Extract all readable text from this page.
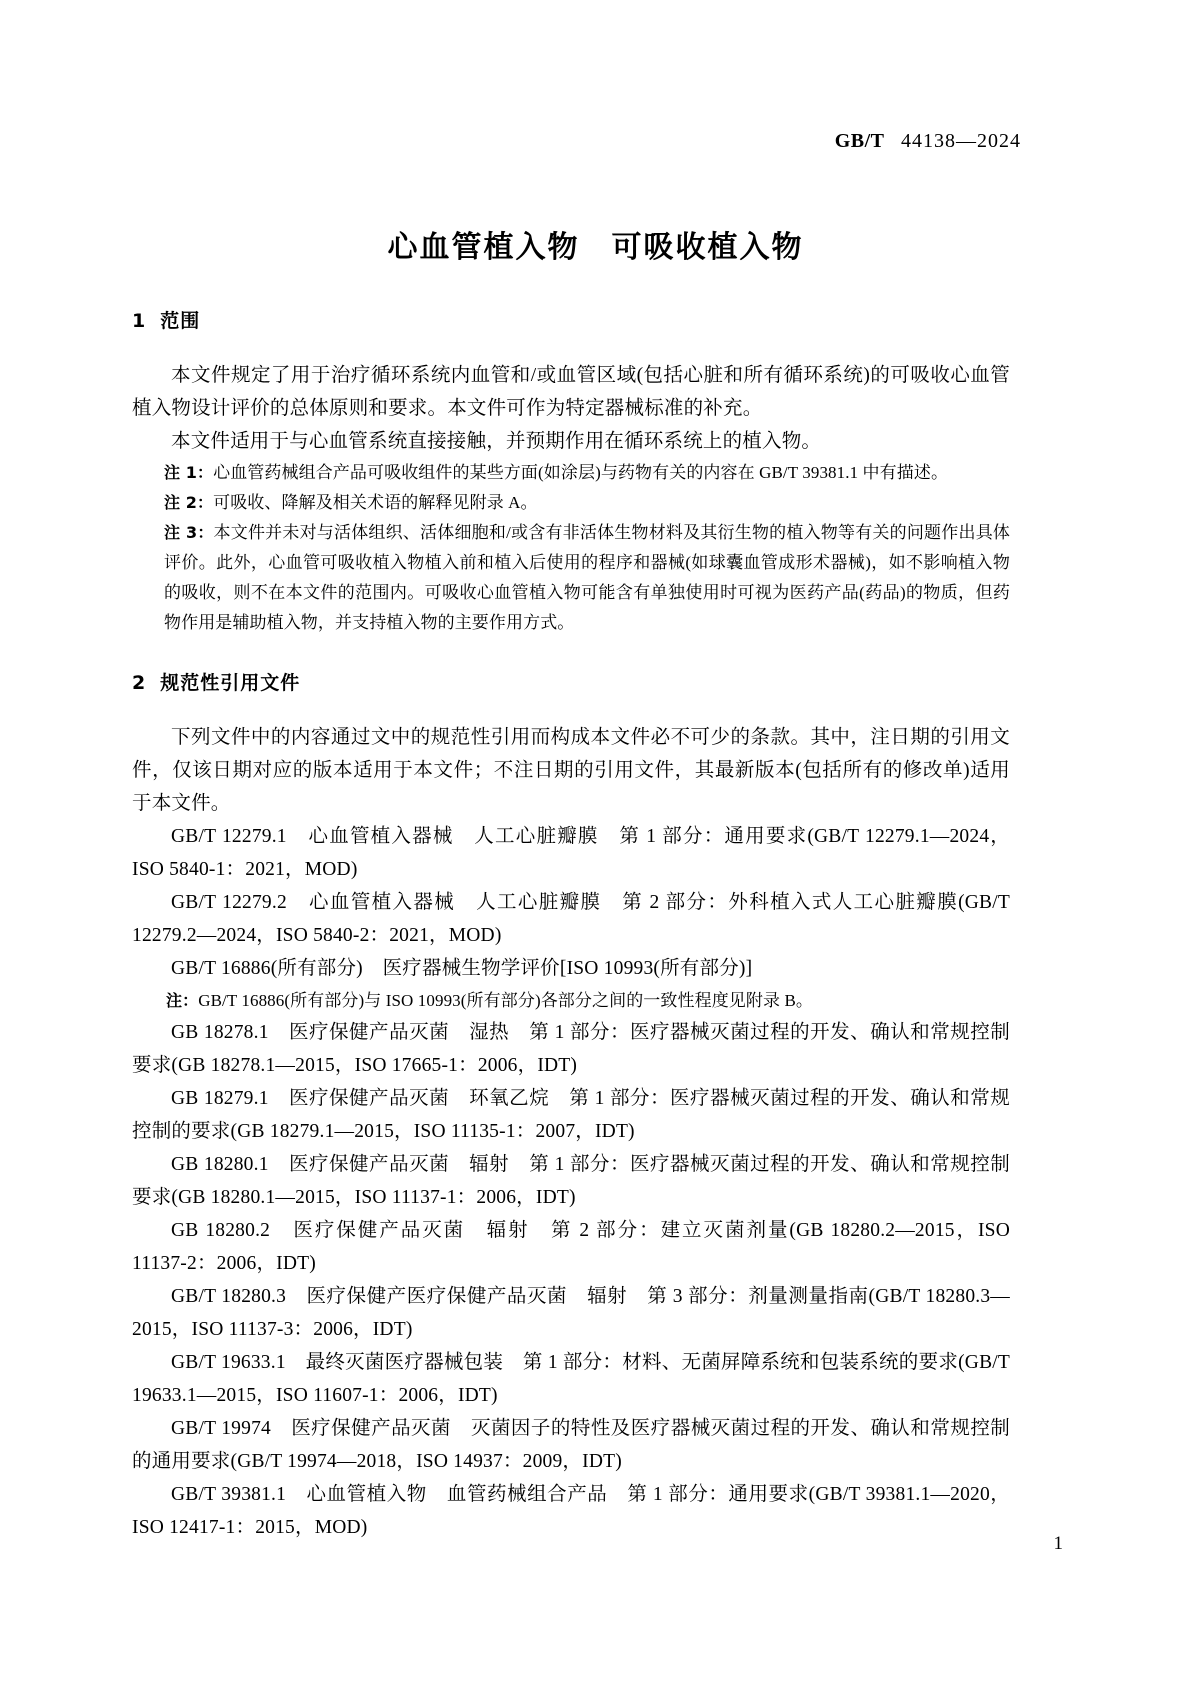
GB/T 44138—2024
心血管植入物　可吸收植入物
1 范围

本文件规定了用于治疗循环系统内血管和/或血管区域(包括心脏和所有循环系统)的可吸收心血管植入物设计评价的总体原则和要求。本文件可作为特定器械标准的补充。

本文件适用于与心血管系统直接接触，并预期作用在循环系统上的植入物。

注 1：心血管药械组合产品可吸收组件的某些方面(如涂层)与药物有关的内容在 GB/T 39381.1 中有描述。

注 2：可吸收、降解及相关术语的解释见附录 A。

注 3：本文件并未对与活体组织、活体细胞和/或含有非活体生物材料及其衍生物的植入物等有关的问题作出具体评价。此外，心血管可吸收植入物植入前和植入后使用的程序和器械(如球囊血管成形术器械)，如不影响植入物的吸收，则不在本文件的范围内。可吸收心血管植入物可能含有单独使用时可视为医药产品(药品)的物质，但药物作用是辅助植入物，并支持植入物的主要作用方式。

2 规范性引用文件

下列文件中的内容通过文中的规范性引用而构成本文件必不可少的条款。其中，注日期的引用文件，仅该日期对应的版本适用于本文件；不注日期的引用文件，其最新版本(包括所有的修改单)适用于本文件。

GB/T 12279.1　心血管植入器械　人工心脏瓣膜　第 1 部分：通用要求(GB/T 12279.1—2024，ISO 5840-1：2021，MOD)

GB/T 12279.2　心血管植入器械　人工心脏瓣膜　第 2 部分：外科植入式人工心脏瓣膜(GB/T 12279.2—2024，ISO 5840-2：2021，MOD)

GB/T 16886(所有部分)　医疗器械生物学评价[ISO 10993(所有部分)]

注：GB/T 16886(所有部分)与 ISO 10993(所有部分)各部分之间的一致性程度见附录 B。

GB 18278.1　医疗保健产品灭菌　湿热　第 1 部分：医疗器械灭菌过程的开发、确认和常规控制要求(GB 18278.1—2015，ISO 17665-1：2006，IDT)

GB 18279.1　医疗保健产品灭菌　环氧乙烷　第 1 部分：医疗器械灭菌过程的开发、确认和常规控制的要求(GB 18279.1—2015，ISO 11135-1：2007，IDT)

GB 18280.1　医疗保健产品灭菌　辐射　第 1 部分：医疗器械灭菌过程的开发、确认和常规控制要求(GB 18280.1—2015，ISO 11137-1：2006，IDT)

GB 18280.2　医疗保健产品灭菌　辐射　第 2 部分：建立灭菌剂量(GB 18280.2—2015，ISO 11137-2：2006，IDT)

GB/T 18280.3　医疗保健产医疗保健产品灭菌　辐射　第 3 部分：剂量测量指南(GB/T 18280.3—2015，ISO 11137-3：2006，IDT)

GB/T 19633.1　最终灭菌医疗器械包装　第 1 部分：材料、无菌屏障系统和包装系统的要求(GB/T 19633.1—2015，ISO 11607-1：2006，IDT)

GB/T 19974　医疗保健产品灭菌　灭菌因子的特性及医疗器械灭菌过程的开发、确认和常规控制的通用要求(GB/T 19974—2018，ISO 14937：2009，IDT)

GB/T 39381.1　心血管植入物　血管药械组合产品　第 1 部分：通用要求(GB/T 39381.1—2020，ISO 12417-1：2015，MOD)

1
